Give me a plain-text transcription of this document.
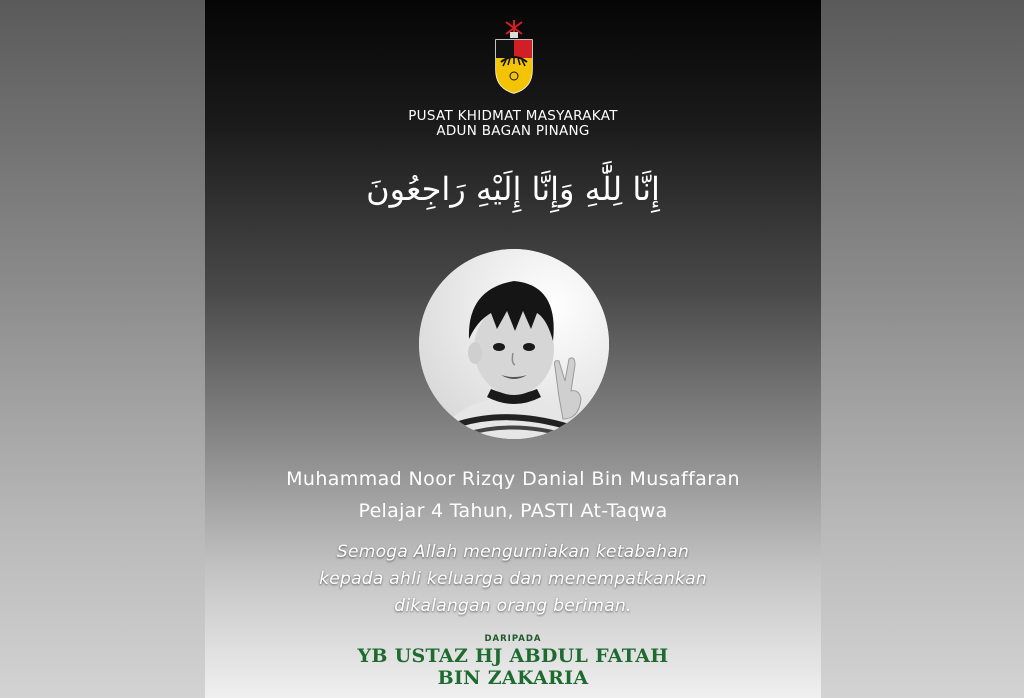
PUSAT KHIDMAT MASYARAKAT
ADUN BAGAN PINANG
إِنَّا لِلَّٰهِ وَإِنَّا إِلَيْهِ رَاجِعُونَ
Muhammad Noor Rizqy Danial Bin Musaffaran
Pelajar 4 Tahun, PASTI At-Taqwa
Semoga Allah mengurniakan ketabahan
kepada ahli keluarga dan menempatkankan
dikalangan orang beriman.
DARIPADA
YB USTAZ HJ ABDUL FATAH
BIN ZAKARIA
